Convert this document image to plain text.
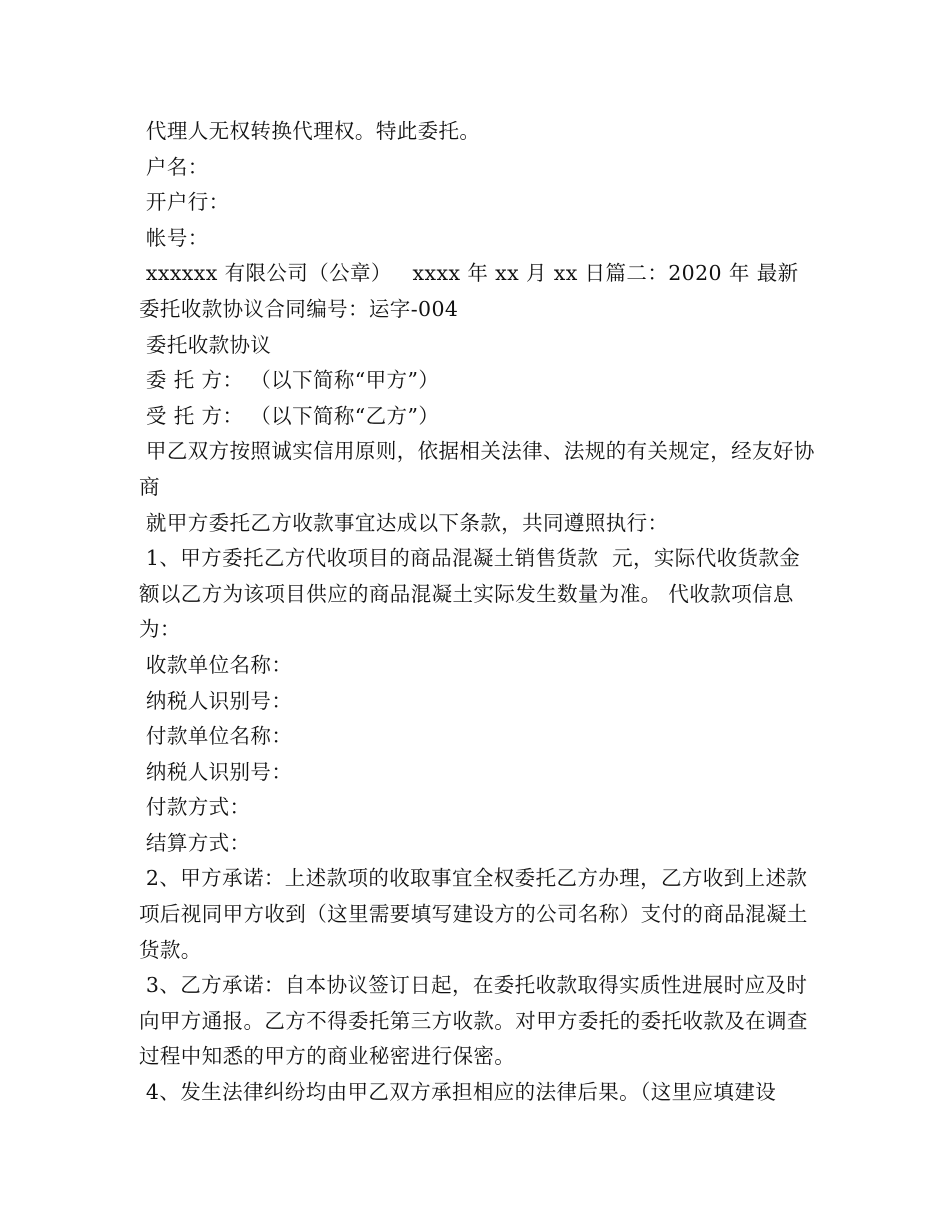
代理人无权转换代理权。特此委托。

户名：

开户行：

帐号：

xxxxxx 有限公司（公章）   xxxx 年 xx 月 xx 日篇二：2020 年 最新 委托收款协议合同编号：运字-004

委托收款协议

委 托 方： （以下简称“甲方”）

受 托 方： （以下简称“乙方”）

甲乙双方按照诚实信用原则，依据相关法律、法规的有关规定，经友好协商

就甲方委托乙方收款事宜达成以下条款，共同遵照执行：

1、甲方委托乙方代收项目的商品混凝土销售货款  元，实际代收货款金额以乙方为该项目供应的商品混凝土实际发生数量为准。 代收款项信息为：

收款单位名称：

纳税人识别号：

付款单位名称：

纳税人识别号：

付款方式：

结算方式：

2、甲方承诺：上述款项的收取事宜全权委托乙方办理，乙方收到上述款项后视同甲方收到（这里需要填写建设方的公司名称）支付的商品混凝土货款。

3、乙方承诺：自本协议签订日起，在委托收款取得实质性进展时应及时向甲方通报。乙方不得委托第三方收款。对甲方委托的委托收款及在调查过程中知悉的甲方的商业秘密进行保密。

4、发生法律纠纷均由甲乙双方承担相应的法律后果。（这里应填建设
